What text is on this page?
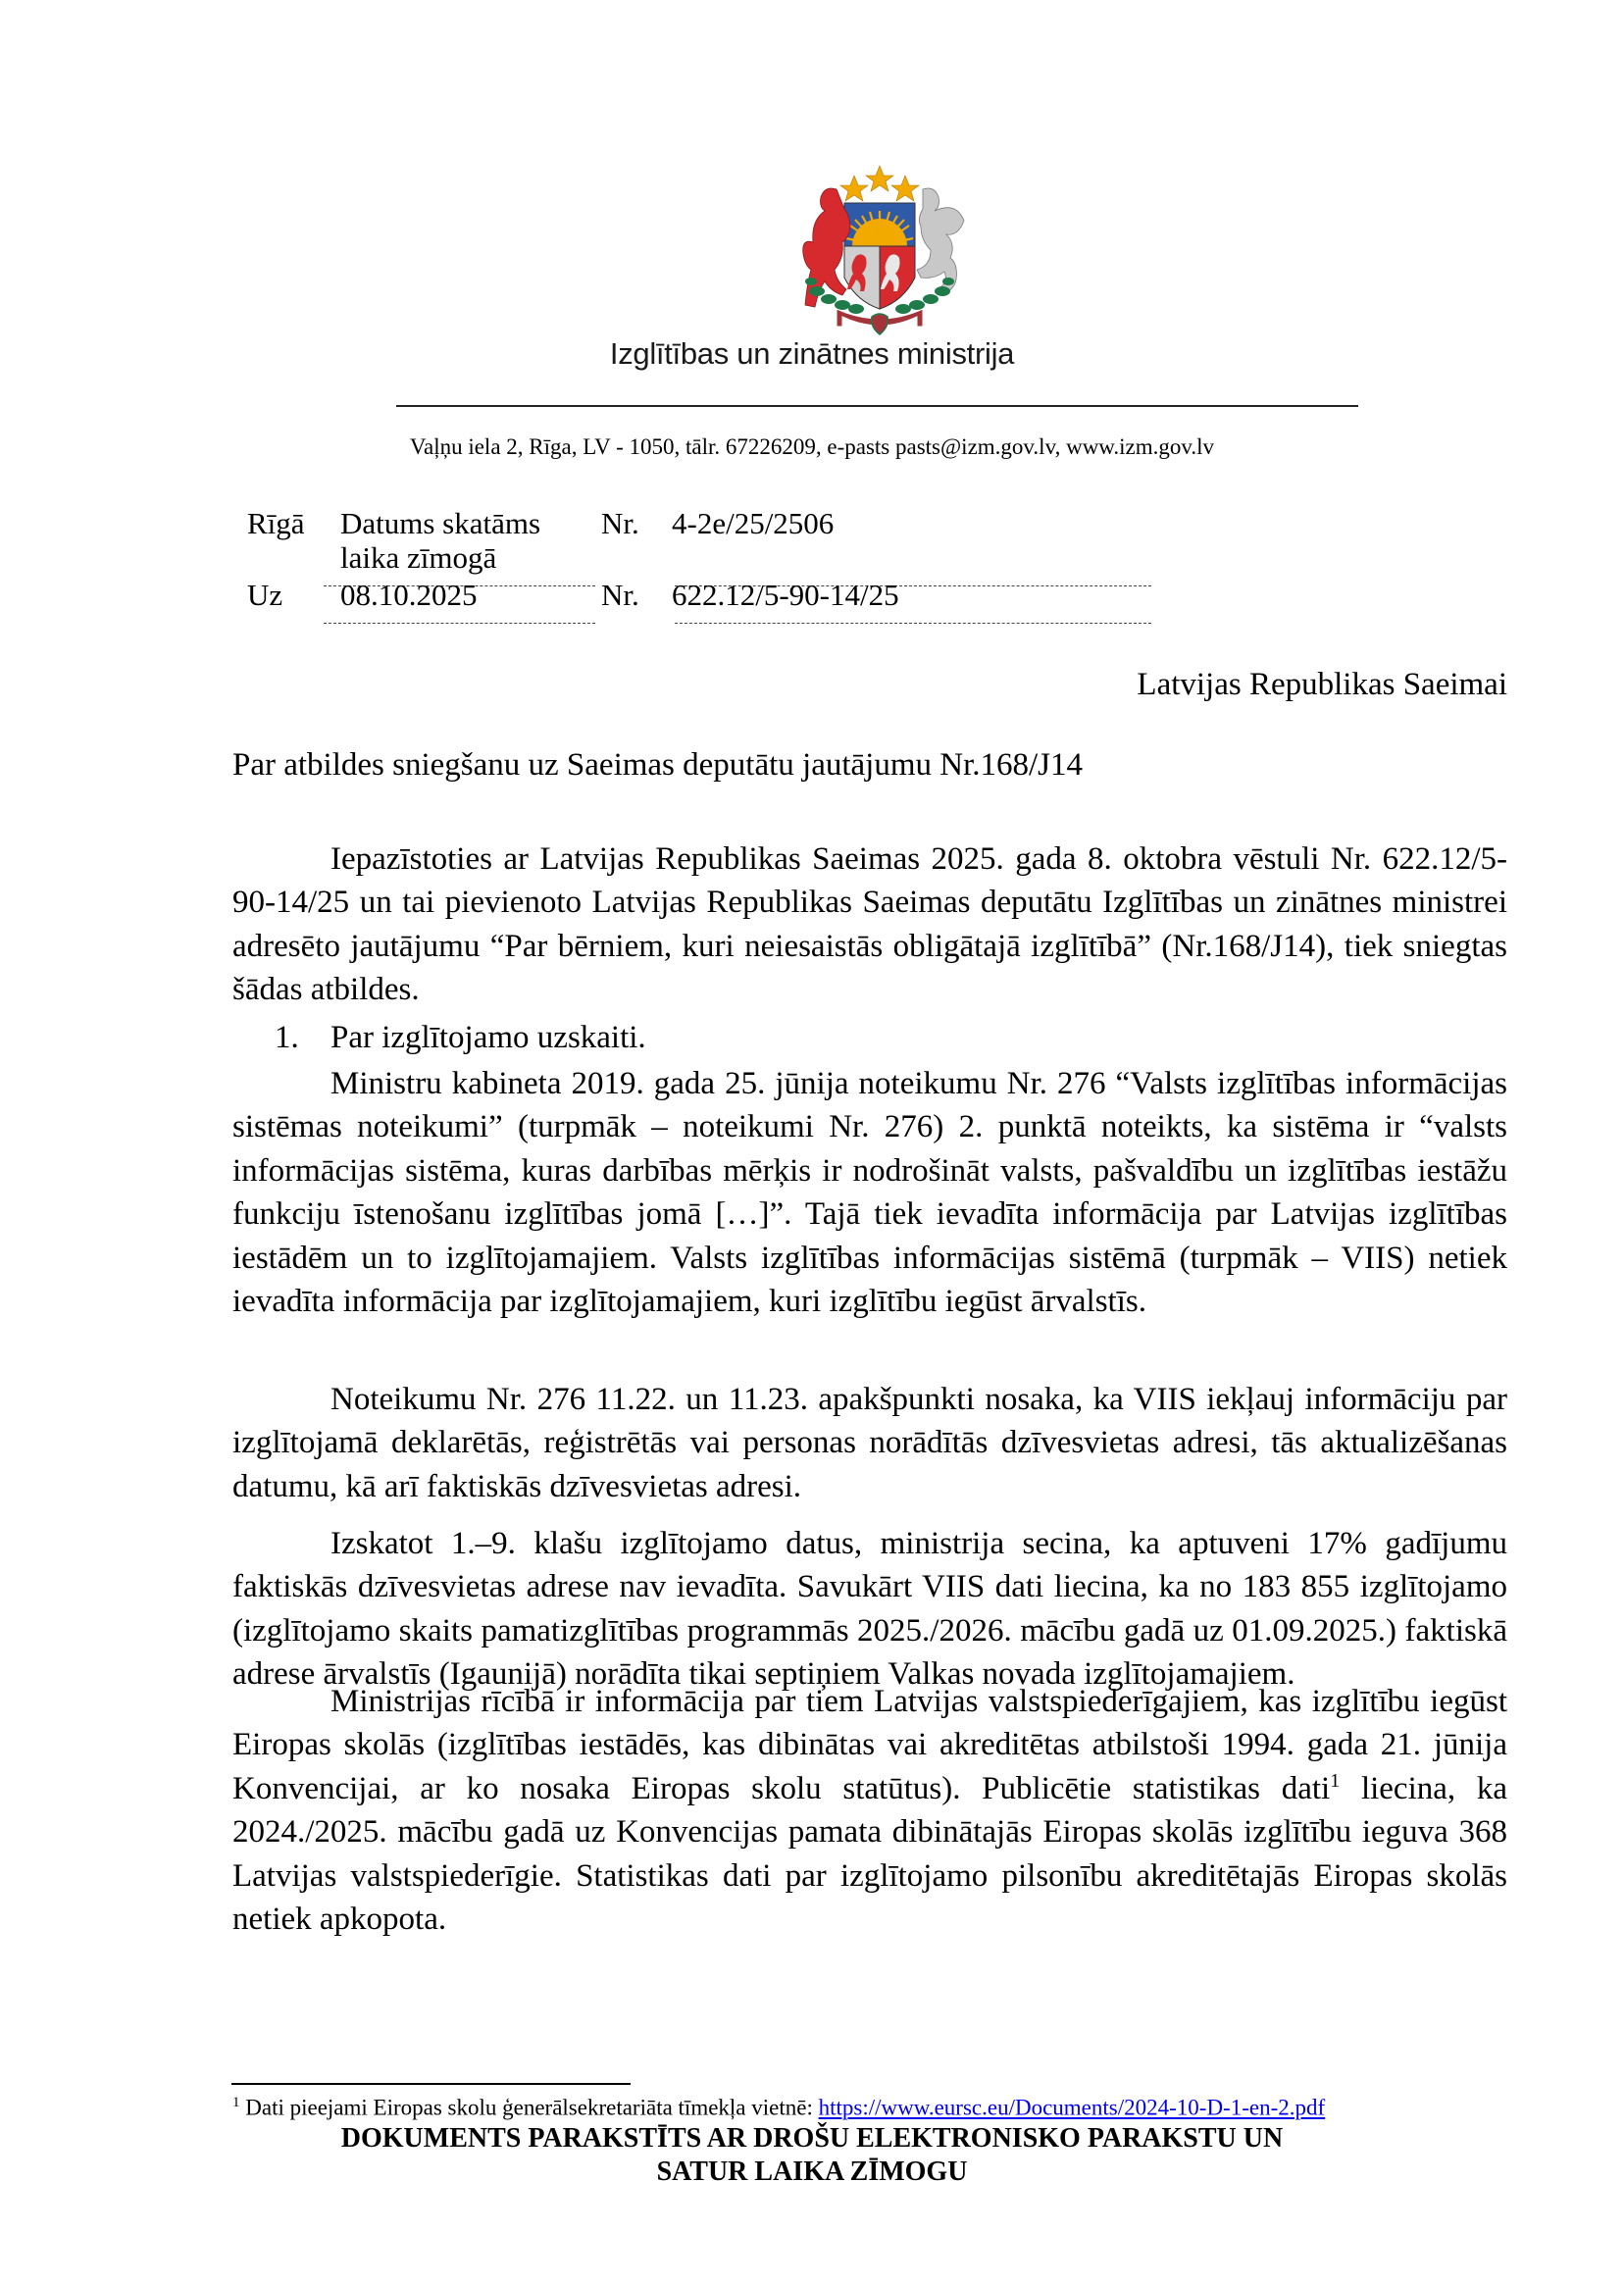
Izglītības un zinātnes ministrija
Vaļņu iela 2, Rīga, LV - 1050, tālr. 67226209, e-pasts pasts@izm.gov.lv, www.izm.gov.lv
Rīgā Datums skatāms
laika zīmogā
Nr. 4-2e/25/2506
Uz 08.10.2025	Nr. 622.12/5-90-14/25
Latvijas Republikas Saeimai
Par atbildes sniegšanu uz Saeimas deputātu jautājumu Nr.168/J14

Iepazīstoties ar Latvijas Republikas Saeimas 2025. gada 8. oktobra vēstuli Nr. 622.12/5-90-14/25 un tai pievienoto Latvijas Republikas Saeimas deputātu Izglītības un zinātnes ministrei adresēto jautājumu “Par bērniem, kuri neiesaistās obligātajā izglītībā” (Nr.168/J14), tiek sniegtas šādas atbildes.

1. Par izglītojamo uzskaiti.

Ministru kabineta 2019. gada 25. jūnija noteikumu Nr. 276 “Valsts izglītības informācijas sistēmas noteikumi” (turpmāk – noteikumi Nr. 276) 2. punktā noteikts, ka sistēma ir “valsts informācijas sistēma, kuras darbības mērķis ir nodrošināt valsts, pašvaldību un izglītības iestāžu funkciju īstenošanu izglītības jomā […]”. Tajā tiek ievadīta informācija par Latvijas izglītības iestādēm un to izglītojamajiem. Valsts izglītības informācijas sistēmā (turpmāk – VIIS) netiek ievadīta informācija par izglītojamajiem, kuri izglītību iegūst ārvalstīs.

Noteikumu Nr. 276 11.22. un 11.23. apakšpunkti nosaka, ka VIIS iekļauj informāciju par izglītojamā deklarētās, reģistrētās vai personas norādītās dzīvesvietas adresi, tās aktualizēšanas datumu, kā arī faktiskās dzīvesvietas adresi.

Izskatot 1.–9. klašu izglītojamo datus, ministrija secina, ka aptuveni 17% gadījumu faktiskās dzīvesvietas adrese nav ievadīta. Savukārt VIIS dati liecina, ka no 183 855 izglītojamo (izglītojamo skaits pamatizglītības programmās 2025./2026. mācību gadā uz 01.09.2025.) faktiskā adrese ārvalstīs (Igaunijā) norādīta tikai septiņiem Valkas novada izglītojamajiem.

Ministrijas rīcībā ir informācija par tiem Latvijas valstspiederīgajiem, kas izglītību iegūst Eiropas skolās (izglītības iestādēs, kas dibinātas vai akreditētas atbilstoši 1994. gada 21. jūnija Konvencijai, ar ko nosaka Eiropas skolu statūtus). Publicētie statistikas dati$^1$ liecina, ka 2024./2025. mācību gadā uz Konvencijas pamata dibinātajās Eiropas skolās izglītību ieguva 368 Latvijas valstspiederīgie. Statistikas dati par izglītojamo pilsonību akreditētajās Eiropas skolās netiek apkopota.

$^1$ Dati pieejami Eiropas skolu ģenerālsekretariāta tīmekļa vietnē: https://www.eursc.eu/Documents/2024-10-D-1-en-2.pdf
DOKUMENTS PARAKSTĪTS AR DROŠU ELEKTRONISKO PARAKSTU UN
SATUR LAIKA ZĪMOGU
